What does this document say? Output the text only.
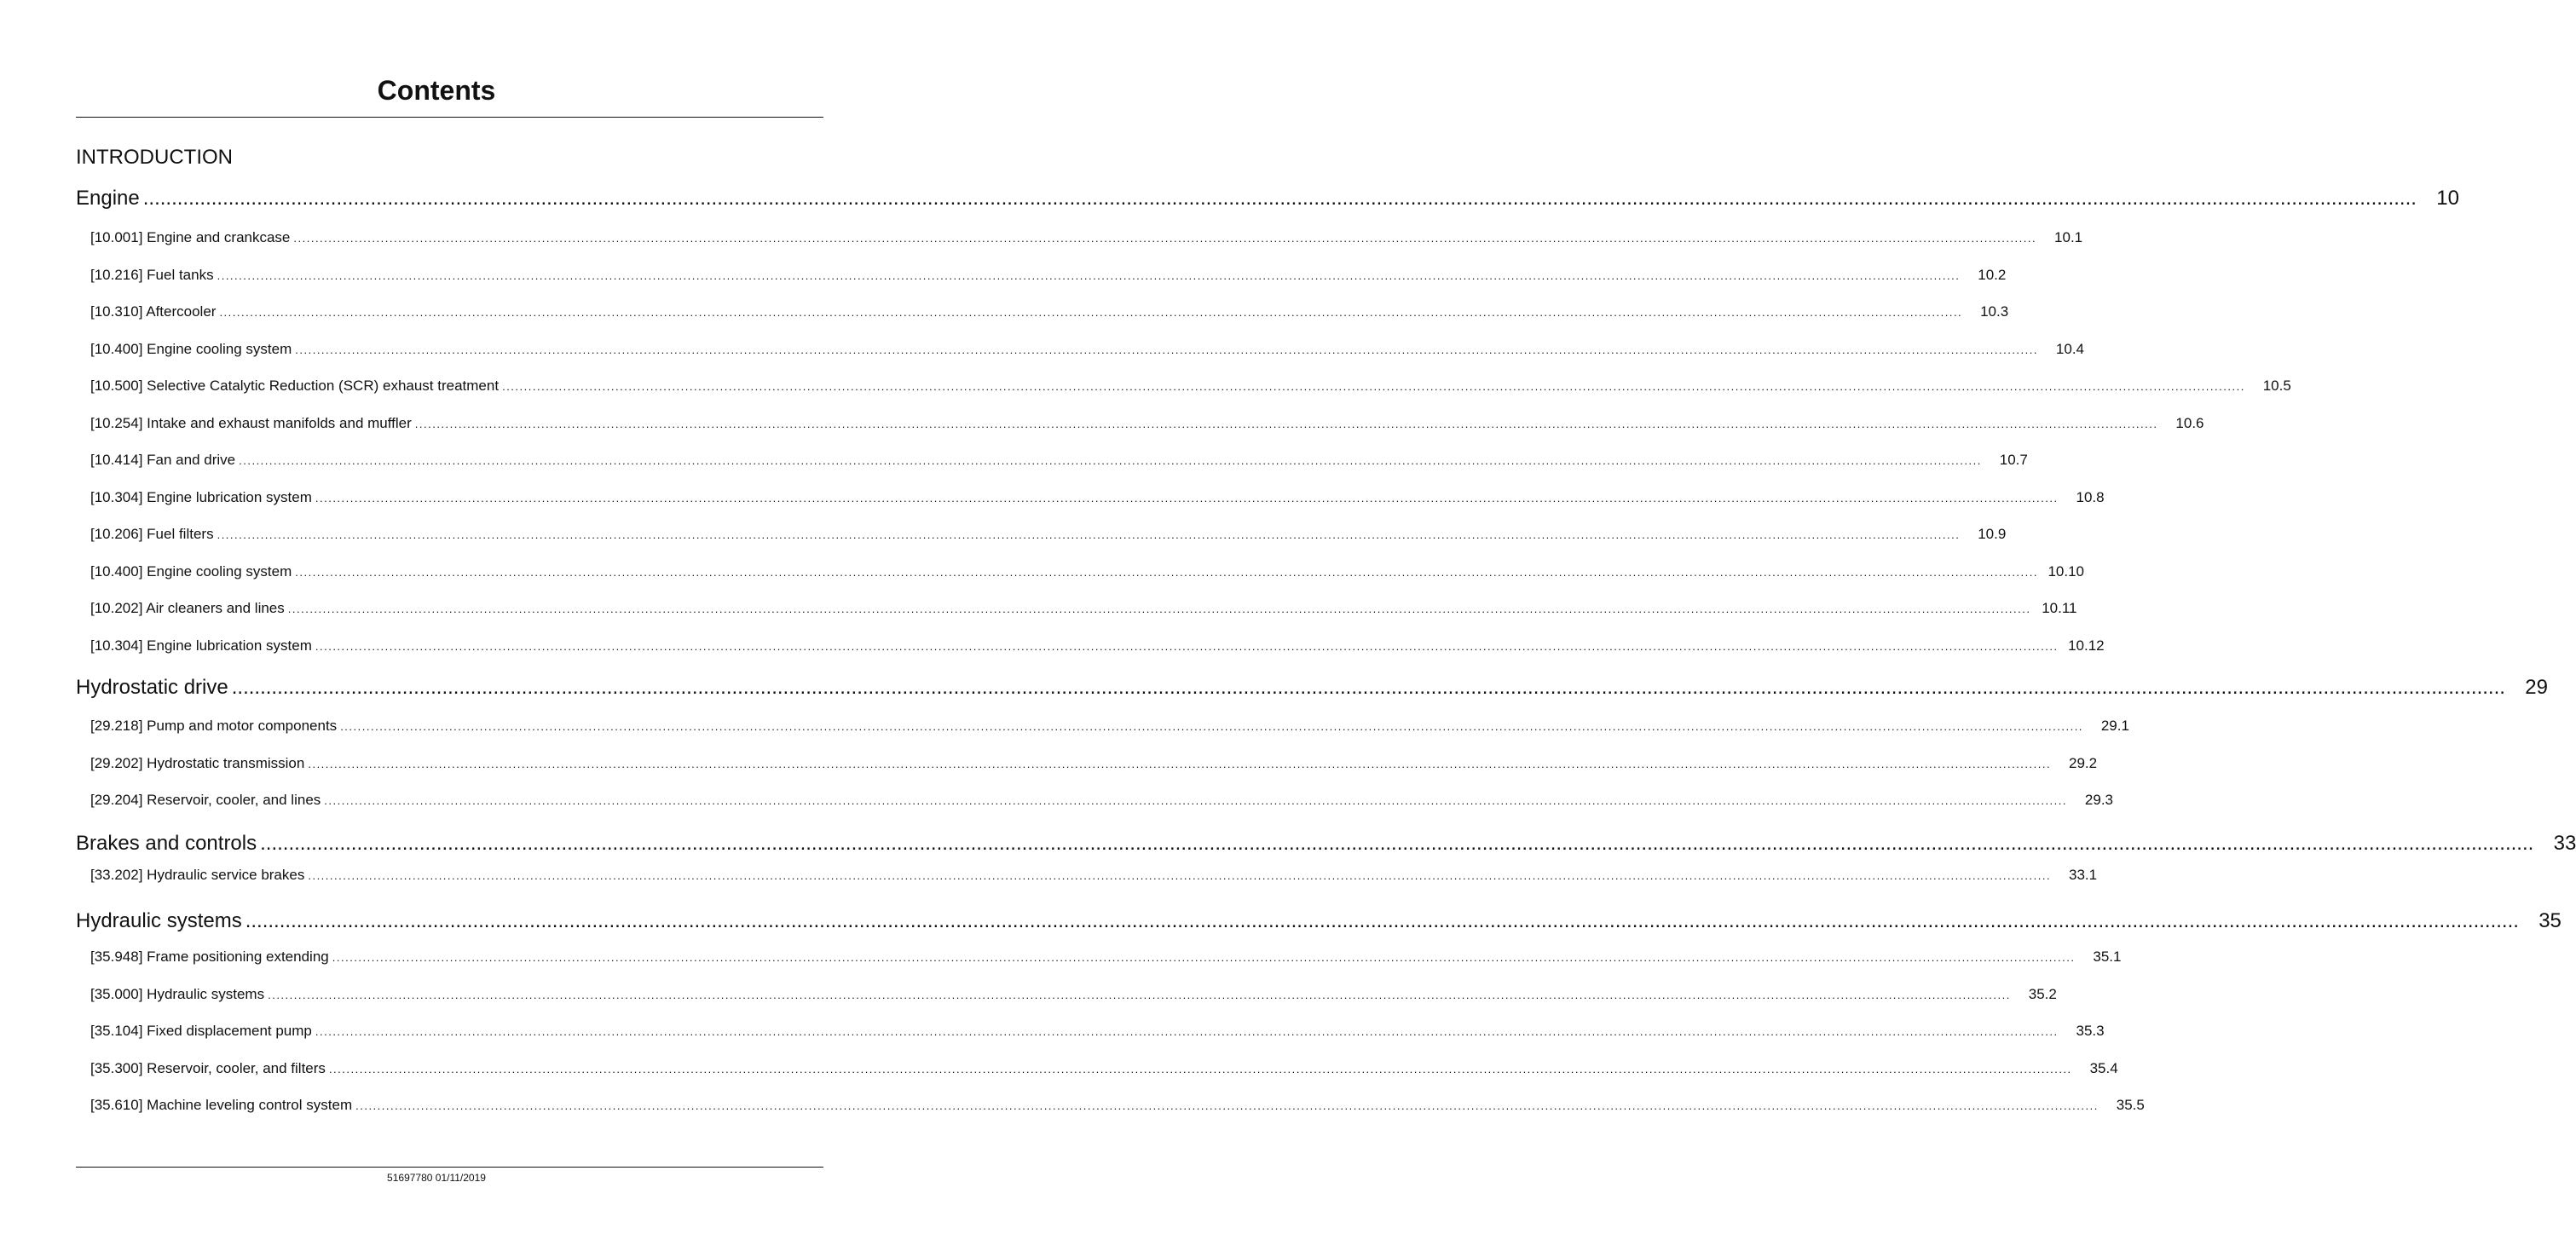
Contents
INTRODUCTION
Engine ................................................................................................................................................................................................................................................................................................................................................................................................................ 10
[10.001] Engine and crankcase ................................................................................................................................................................................................................................................................................................................................................................................................................	10.1
[10.216] Fuel tanks ................................................................................................................................................................................................................................................................................................................................................................................................................	10.2
[10.310] Aftercooler ................................................................................................................................................................................................................................................................................................................................................................................................................	10.3
[10.400] Engine cooling system ................................................................................................................................................................................................................................................................................................................................................................................................................	10.4
[10.500] Selective Catalytic Reduction (SCR) exhaust treatment ................................................................................................................................................................................................................................................................................................................................................................................................................	10.5
[10.254] Intake and exhaust manifolds and muffler ................................................................................................................................................................................................................................................................................................................................................................................................................	10.6
[10.414] Fan and drive ................................................................................................................................................................................................................................................................................................................................................................................................................	10.7
[10.304] Engine lubrication system ................................................................................................................................................................................................................................................................................................................................................................................................................	10.8
[10.206] Fuel filters ................................................................................................................................................................................................................................................................................................................................................................................................................	10.9
[10.400] Engine cooling system ................................................................................................................................................................................................................................................................................................................................................................................................................ 10.10
[10.202] Air cleaners and lines ................................................................................................................................................................................................................................................................................................................................................................................................................ 10.11
[10.304] Engine lubrication system ................................................................................................................................................................................................................................................................................................................................................................................................................ 10.12
Hydrostatic drive ................................................................................................................................................................................................................................................................................................................................................................................................................ 29
[29.218] Pump and motor components ................................................................................................................................................................................................................................................................................................................................................................................................................	29.1
[29.202] Hydrostatic transmission ................................................................................................................................................................................................................................................................................................................................................................................................................	29.2
[29.204] Reservoir, cooler, and lines ................................................................................................................................................................................................................................................................................................................................................................................................................	29.3
Brakes and controls ................................................................................................................................................................................................................................................................................................................................................................................................................ 33
[33.202] Hydraulic service brakes ................................................................................................................................................................................................................................................................................................................................................................................................................	33.1
Hydraulic systems ................................................................................................................................................................................................................................................................................................................................................................................................................ 35
[35.948] Frame positioning extending ................................................................................................................................................................................................................................................................................................................................................................................................................	35.1
[35.000] Hydraulic systems ................................................................................................................................................................................................................................................................................................................................................................................................................	35.2
[35.104] Fixed displacement pump ................................................................................................................................................................................................................................................................................................................................................................................................................	35.3
[35.300] Reservoir, cooler, and filters ................................................................................................................................................................................................................................................................................................................................................................................................................	35.4
[35.610] Machine leveling control system ................................................................................................................................................................................................................................................................................................................................................................................................................	35.5
51697780 01/11/2019
